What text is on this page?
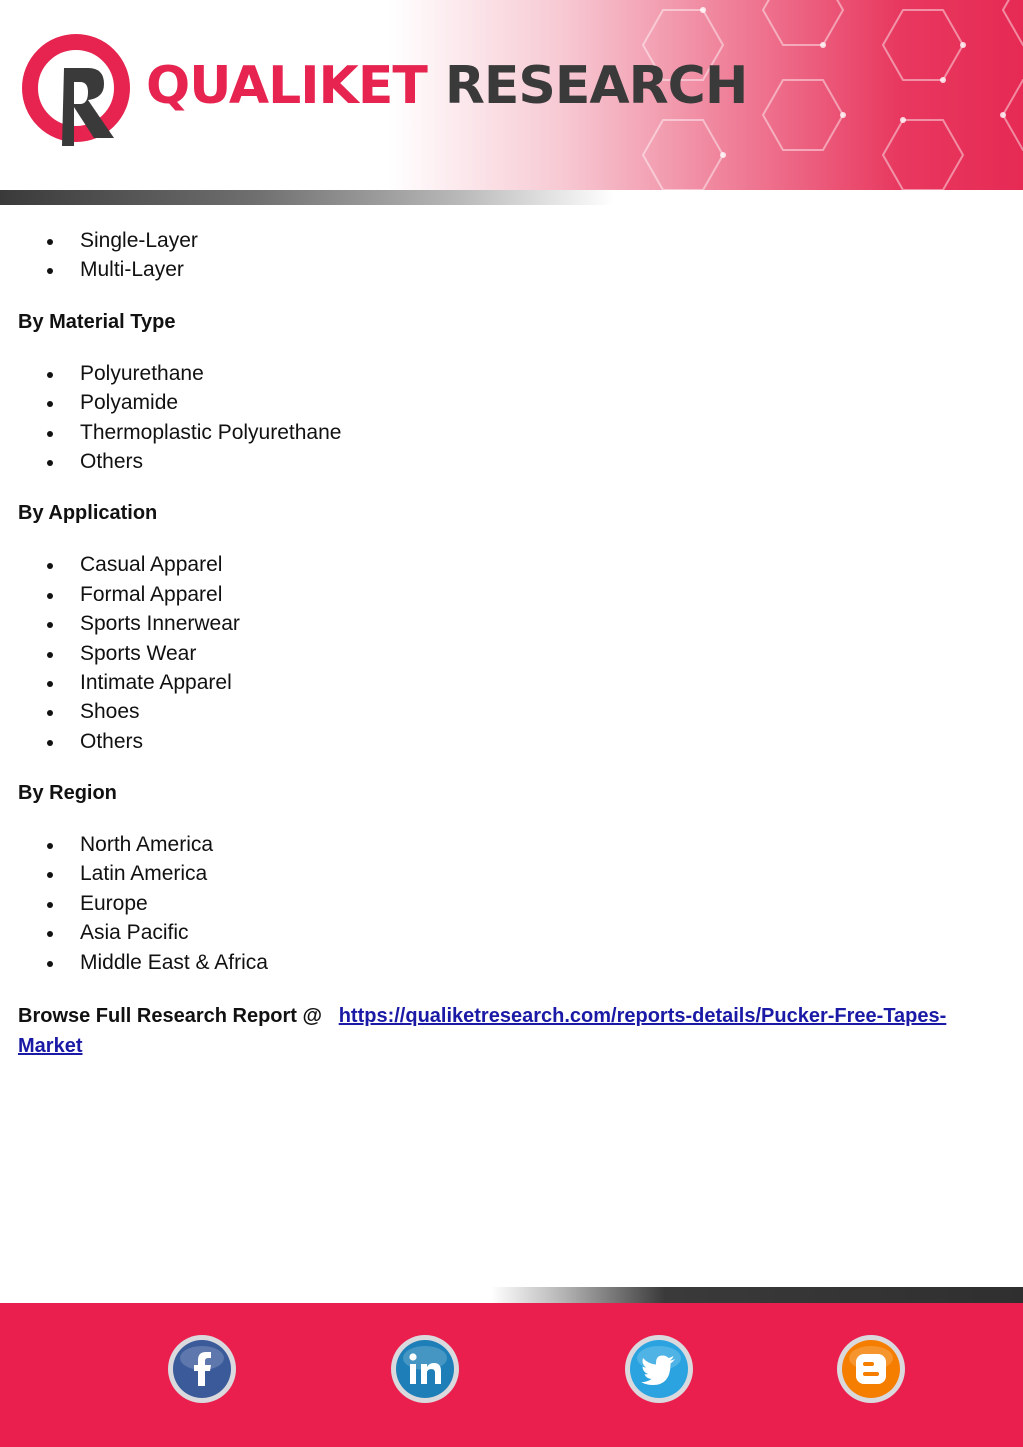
QUALIKET RESEARCH
Single-Layer
Multi-Layer
By Material Type
Polyurethane
Polyamide
Thermoplastic Polyurethane
Others
By Application
Casual Apparel
Formal Apparel
Sports Innerwear
Sports Wear
Intimate Apparel
Shoes
Others
By Region
North America
Latin America
Europe
Asia Pacific
Middle East & Africa
Browse Full Research Report @ https://qualiketresearch.com/reports-details/Pucker-Free-Tapes-Market
